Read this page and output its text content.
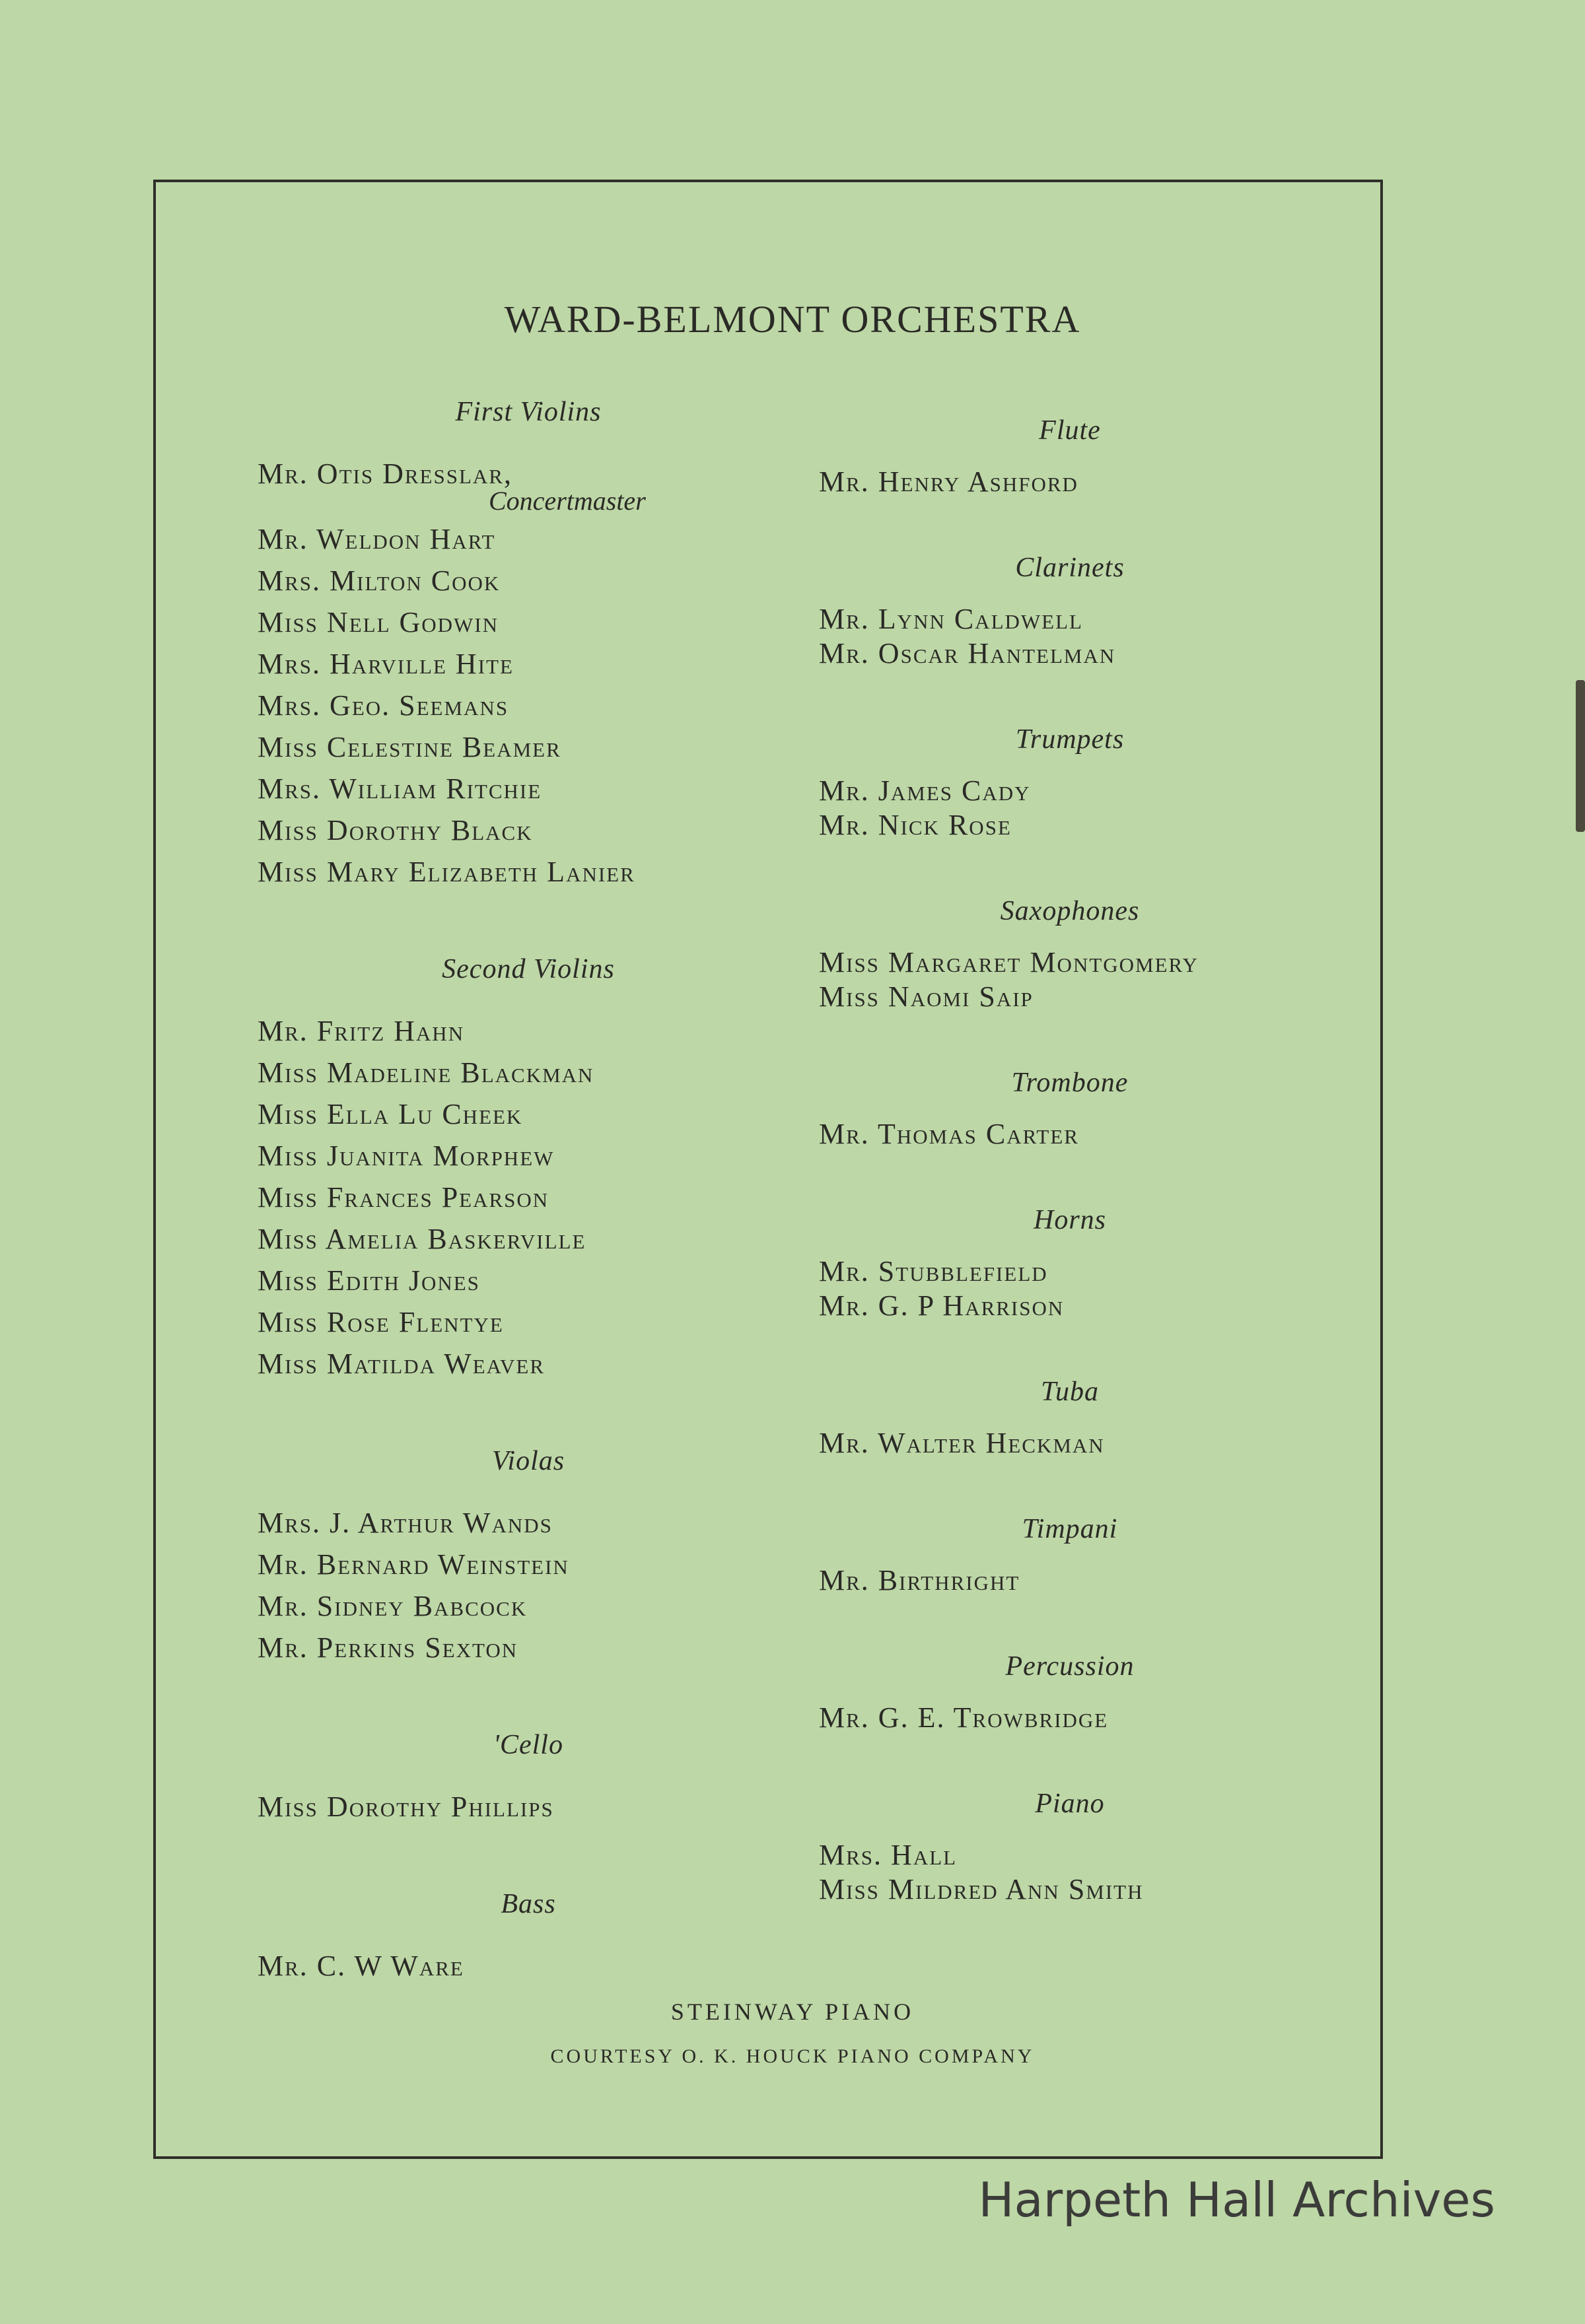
WARD-BELMONT ORCHESTRA
First Violins
Mr. Otis Dresslar,
Concertmaster
Mr. Weldon Hart
Mrs. Milton Cook
Miss Nell Godwin
Mrs. Harville Hite
Mrs. Geo. Seemans
Miss Celestine Beamer
Mrs. William Ritchie
Miss Dorothy Black
Miss Mary Elizabeth Lanier
Second Violins
Mr. Fritz Hahn
Miss Madeline Blackman
Miss Ella Lu Cheek
Miss Juanita Morphew
Miss Frances Pearson
Miss Amelia Baskerville
Miss Edith Jones
Miss Rose Flentye
Miss Matilda Weaver
Violas
Mrs. J. Arthur Wands
Mr. Bernard Weinstein
Mr. Sidney Babcock
Mr. Perkins Sexton
'Cello
Miss Dorothy Phillips
Bass
Mr. C. W Ware
Flute
Mr. Henry Ashford
Clarinets
Mr. Lynn Caldwell
Mr. Oscar Hantelman
Trumpets
Mr. James Cady
Mr. Nick Rose
Saxophones
Miss Margaret Montgomery
Miss Naomi Saip
Trombone
Mr. Thomas Carter
Horns
Mr. Stubblefield
Mr. G. P Harrison
Tuba
Mr. Walter Heckman
Timpani
Mr. Birthright
Percussion
Mr. G. E. Trowbridge
Piano
Mrs. Hall
Miss Mildred Ann Smith
STEINWAY PIANO
COURTESY O. K. HOUCK PIANO COMPANY
Harpeth Hall Archives
